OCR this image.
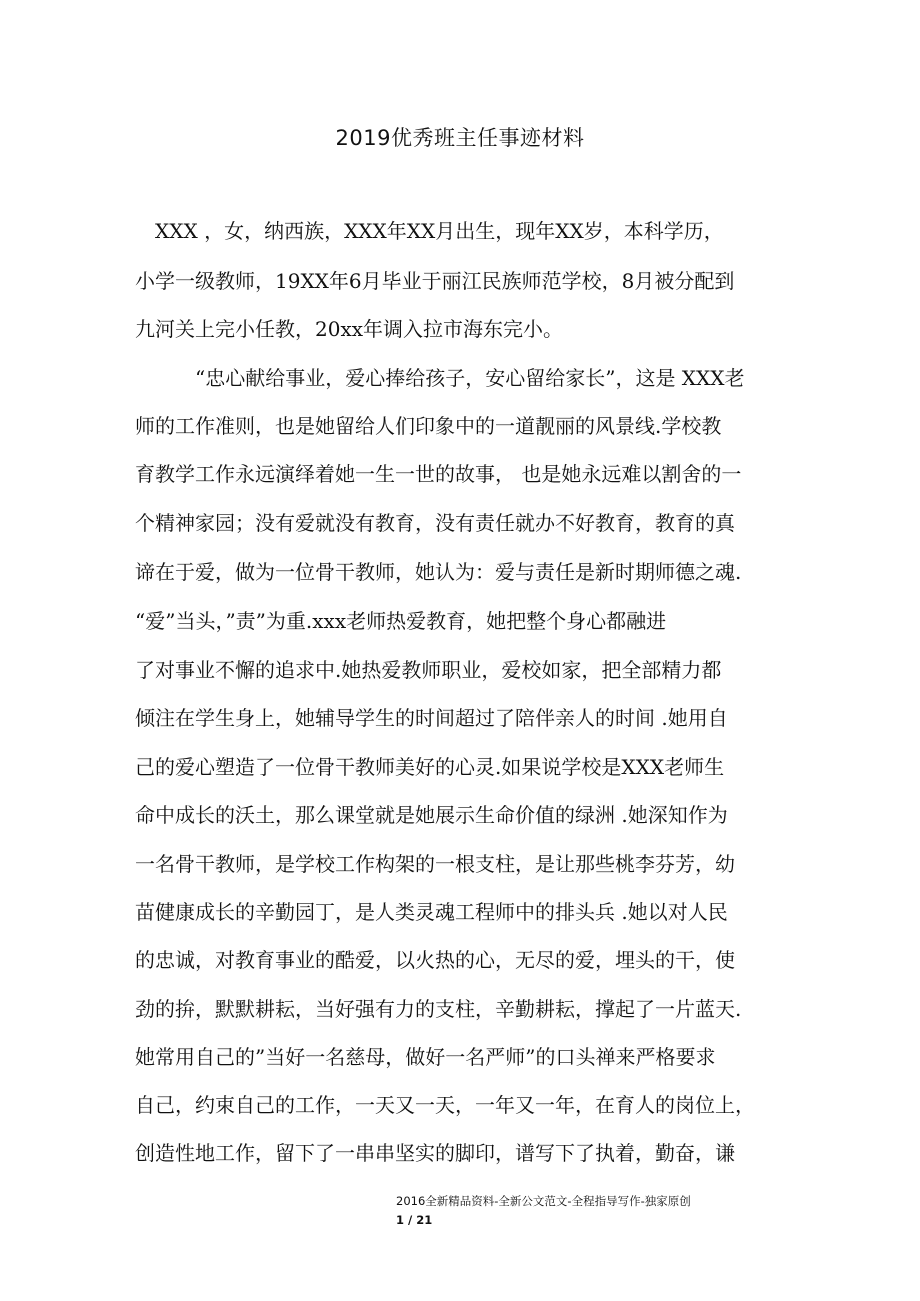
2019优秀班主任事迹材料
XXX ，女，纳西族，XXX年XX月出生，现年XX岁，本科学历，
小学一级教师，19XX年6月毕业于丽江民族师范学校，8月被分配到
九河关上完小任教，20xx年调入拉市海东完小。
“忠心献给事业，爱心捧给孩子，安心留给家长”，这是 XXX老
师的工作准则，也是她留给人们印象中的一道靓丽的风景线.学校教
育教学工作永远演绎着她一生一世的故事， 也是她永远难以割舍的一
个精神家园；没有爱就没有教育，没有责任就办不好教育，教育的真
谛在于爱，做为一位骨干教师，她认为：爱与责任是新时期师德之魂.
“爱”当头，”责”为重.xxx老师热爱教育，她把整个身心都融进
了对事业不懈的追求中.她热爱教师职业，爱校如家，把全部精力都
倾注在学生身上，她辅导学生的时间超过了陪伴亲人的时间 .她用自
己的爱心塑造了一位骨干教师美好的心灵.如果说学校是XXX老师生
命中成长的沃土，那么课堂就是她展示生命价值的绿洲 .她深知作为
一名骨干教师，是学校工作构架的一根支柱，是让那些桃李芬芳，幼
苗健康成长的辛勤园丁，是人类灵魂工程师中的排头兵 .她以对人民
的忠诚，对教育事业的酷爱，以火热的心，无尽的爱，埋头的干，使
劲的拚，默默耕耘，当好强有力的支柱，辛勤耕耘，撑起了一片蓝天.
她常用自己的”当好一名慈母，做好一名严师”的口头禅来严格要求
自己，约束自己的工作，一天又一天，一年又一年，在育人的岗位上，
创造性地工作，留下了一串串坚实的脚印，谱写下了执着，勤奋，谦
2016全新精品资料-全新公文范文-全程指导写作-独家原创
1 / 21
